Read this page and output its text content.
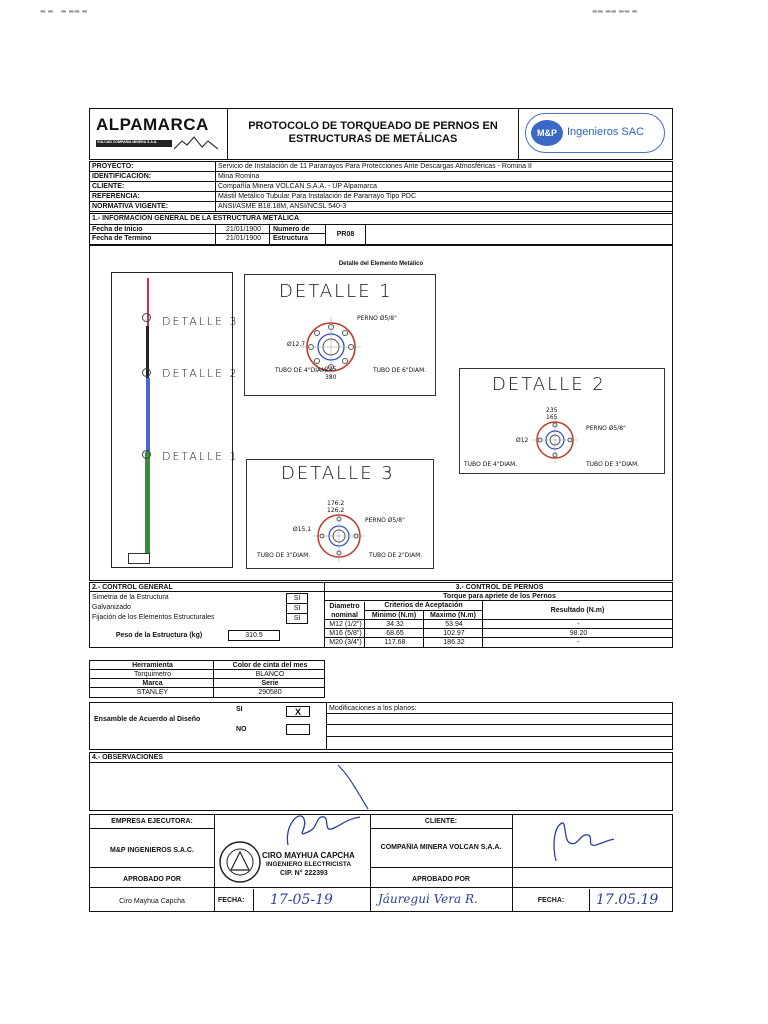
▬ ▬    ▬ ▬▬ ▬	▬▬ ▬▬ ▬▬ ▬
ALPAMARCA
VOLCAN COMPAÑIA MINERA S.A.A.
PROTOCOLO DE TORQUEADO DE PERNOS EN
ESTRUCTURAS DE METÁLICAS	M&P Ingenieros SAC
PROYECTO:	Servicio de Instalación de 11 Pararrayos Para Protecciones Ante Descargas Atmosféricas - Romina II
IDENTIFICACIÓN:	Mina Romina
CLIENTE:	Compañía Minera VOLCAN S.A.A. - UP Alpamarca
REFERENCIA:	Mástil Metálico Tubular Para Instalación de Pararrayo Tipo PDC
NORMATIVA VIGENTE:	ANSI/ASME B18.18M, ANSI/NCSL 540-3
1.- INFORMACIÓN GENERAL DE LA ESTRUCTURA METÁLICA
Fecha de Inicio	21/01/1900
Fecha de Termino	21/01/1900
Numero de
Estructura
PR08
Detalle del Elemento Metálico
DETALLE 3
DETALLE 2
DETALLE 1
DETALLE 1
PERNO Ø5/8"
Ø12.7
225
380
TUBO DE 4"DIAM.	TUBO DE 6"DIAM.
DETALLE 2
235
165
PERNO Ø5/8"
Ø12
TUBO DE 4"DIAM.	TUBO DE 3"DIAM.
DETALLE 3
176.2
126.2
PERNO Ø5/8"
Ø15.1
TUBO DE 3"DIAM.	TUBO DE 2"DIAM.
2.- CONTROL GENERAL
Simetria de la Estructura	SI
Galvanizado	SI
Fijación de los Elementos Estructurales	SI
Peso de la Estructura (kg)	310.5
3.- CONTROL DE PERNOS
Torque para apriete de los Pernos
Diametro
nominal
Criterios de Aceptación
Minimo (N.m)	Maximo (N.m)
Resultado (N.m)
M12 (1/2")	34.32	53.94	-
M16 (5/8")	68.65	102.97	98.20
M20 (3/4")	117.68	186.32	-
Herramienta	Color de cinta del mes
Torquimetro	BLANCO
Marca	Serie
STANLEY	290580
Ensamble de Acuerdo al Diseño
SI	X
NO
Modificaciones a los planos:
4.- OBSERVACIONES
EMPRESA EJECUTORA:
M&P INGENIEROS S.A.C.
APROBADO POR
Ciro Mayhua Capcha
CIRO MAYHUA CAPCHA
INGENIERO ELECTRICISTA
CIP. N° 222393
FECHA: 17-05-19
CLIENTE:
COMPAÑIA MINERA VOLCAN S.A.A.
APROBADO POR
Jáuregui Vera R.	FECHA:	17.05.19
